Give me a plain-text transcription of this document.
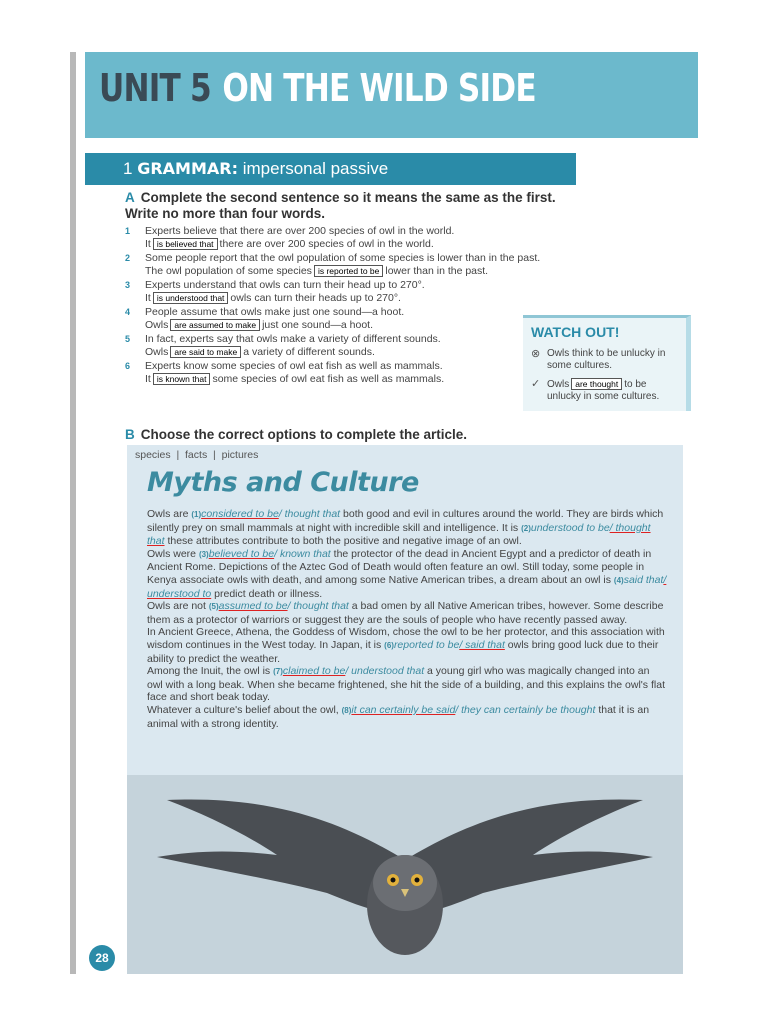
UNIT 5 ON THE WILD SIDE
1 GRAMMAR: impersonal passive
A Complete the second sentence so it means the same as the first. Write no more than four words.
1 Experts believe that there are over 200 species of owl in the world.
It is believed that there are over 200 species of owl in the world.
2 Some people report that the owl population of some species is lower than in the past.
The owl population of some species is reported to be lower than in the past.
3 Experts understand that owls can turn their head up to 270°.
It is understood that owls can turn their heads up to 270°.
4 People assume that owls make just one sound—a hoot.
Owls are assumed to make just one sound—a hoot.
5 In fact, experts say that owls make a variety of different sounds.
Owls are said to make a variety of different sounds.
6 Experts know some species of owl eat fish as well as mammals.
It is known that some species of owl eat fish as well as mammals.
WATCH OUT!
⊗ Owls think to be unlucky in some cultures.
✓ Owls are thought to be unlucky in some cultures.
B Choose the correct options to complete the article.
species  |  facts  |  pictures
Myths and Culture

Owls are (1)considered to be/ thought that both good and evil in cultures around the world. They are birds which silently prey on small mammals at night with incredible skill and intelligence. It is (2)understood to be/ thought that these attributes contribute to both the positive and negative image of an owl.

Owls were (3)believed to be/ known that the protector of the dead in Ancient Egypt and a predictor of death in Ancient Rome. Depictions of the Aztec God of Death would often feature an owl. Still today, some people in Kenya associate owls with death, and among some Native American tribes, a dream about an owl is (4)said that/ understood to predict death or illness.

Owls are not (5)assumed to be/ thought that a bad omen by all Native American tribes, however. Some describe them as a protector of warriors or suggest they are the souls of people who have recently passed away.

In Ancient Greece, Athena, the Goddess of Wisdom, chose the owl to be her protector, and this association with wisdom continues in the West today. In Japan, it is (6)reported to be/ said that owls bring good luck due to their ability to predict the weather.

Among the Inuit, the owl is (7)claimed to be/ understood that a young girl who was magically changed into an owl with a long beak. When she became frightened, she hit the side of a building, and this explains the owl's flat face and short beak today.

Whatever a culture's belief about the owl, (8)it can certainly be said/ they can certainly be thought that it is an animal with a strong identity.

28
